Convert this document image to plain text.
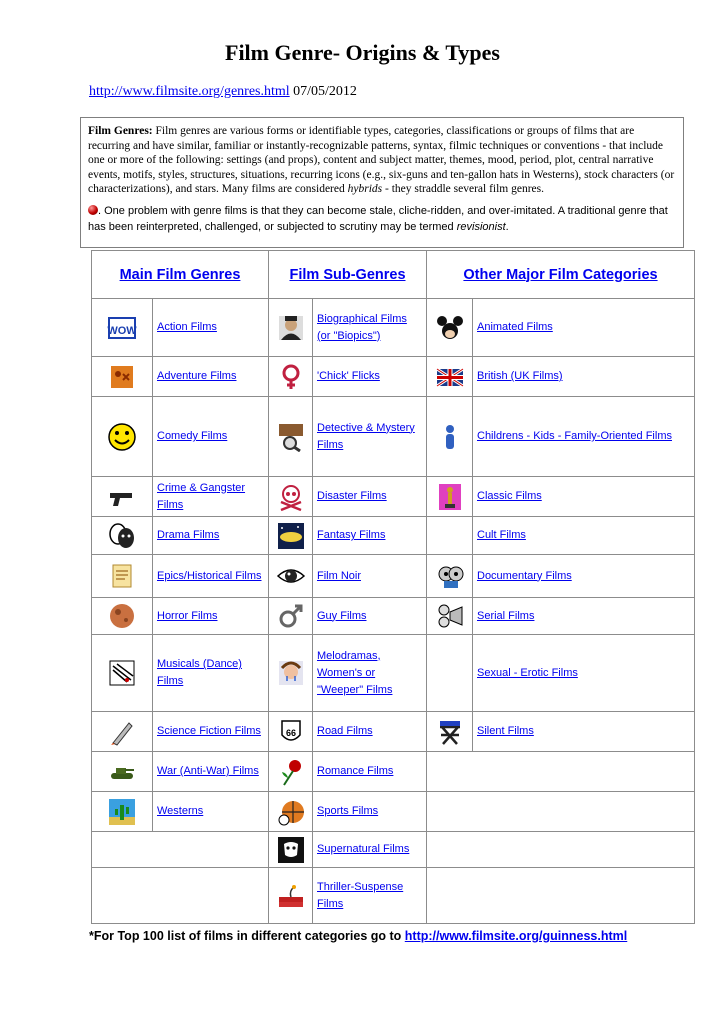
Film Genre- Origins & Types
http://www.filmsite.org/genres.html 07/05/2012

Film Genres: Film genres are various forms or identifiable types, categories, classifications or groups of films that are recurring and have similar, familiar or instantly-recognizable patterns, syntax, filmic techniques or conventions - that include one or more of the following: settings (and props), content and subject matter, themes, mood, period, plot, central narrative events, motifs, styles, structures, situations, recurring icons (e.g., six-guns and ten-gallon hats in Westerns), stock characters (or characterizations), and stars. Many films are considered hybrids - they straddle several film genres.

. One problem with genre films is that they can become stale, cliche-ridden, and over-imitated. A traditional genre that has been reinterpreted, challenged, or subjected to scrutiny may be termed revisionist.

Main Film Genres		Film Sub-Genres		Other Major Film Categories	

WOW	Action Films		Biographical Films (or "Biopics")		Animated Films
	Adventure Films		'Chick' Flicks		British (UK Films)
	Comedy Films		Detective & Mystery Films		Childrens - Kids - Family-Oriented Films
	Crime & Gangster Films		Disaster Films		Classic Films
	Drama Films		Fantasy Films		Cult Films
	Epics/Historical Films		Film Noir		Documentary Films
	Horror Films		Guy Films		Serial Films
	Musicals (Dance) Films		Melodramas, Women's or "Weeper" Films		Sexual - Erotic Films
	Science Fiction Films	66	Road Films		Silent Films
	War (Anti-War) Films		Romance Films		
	Westerns		Sports Films		
		Supernatural Films		
		Thriller-Suspense Films		
*For Top 100 list of films in different categories go to http://www.filmsite.org/guinness.html
